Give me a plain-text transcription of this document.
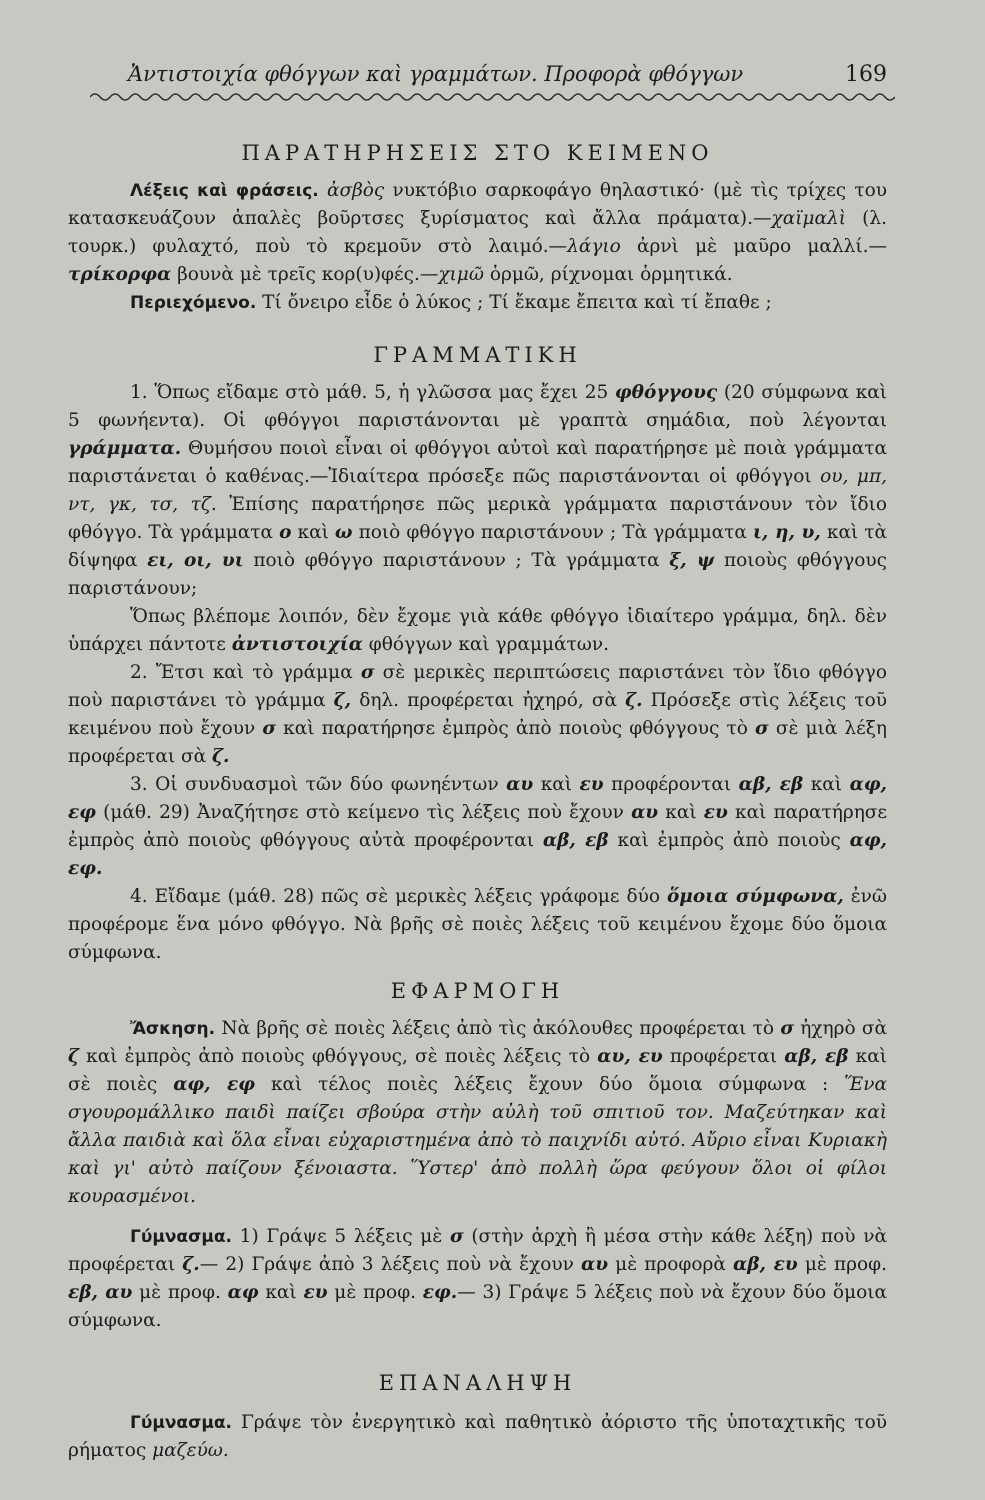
Ἀντιστοιχία φθόγγων καὶ γραμμάτων. Προφορὰ φθόγγων	169
ΠΑΡΑΤΗΡΗΣΕΙΣ ΣΤΟ ΚΕΙΜΕΝΟ

Λέξεις καὶ φράσεις. ἀσβὸς νυκτόβιο σαρκοφάγο θηλαστικό· (μὲ τὶς τρίχες του κατασκευάζουν ἁπαλὲς βοῦρτσες ξυρίσματος καὶ ἄλλα πράματα).—χαϊμαλὶ (λ. τουρκ.) φυλαχτό, ποὺ τὸ κρεμοῦν στὸ λαιμό.—λάγιο ἀρνὶ μὲ μαῦρο μαλλί.— τρίκορφα βουνὰ μὲ τρεῖς κορ(υ)φές.—χιμῶ ὁρμῶ, ρίχνομαι ὁρμητικά.

Περιεχόμενο. Τί ὄνειρο εἶδε ὁ λύκος ; Τί ἔκαμε ἔπειτα καὶ τί ἔπαθε ;

ΓΡΑΜΜΑΤΙΚΗ

1. Ὅπως εἴδαμε στὸ μάθ. 5, ἡ γλῶσσα μας ἔχει 25 φθόγγους (20 σύμφωνα καὶ 5 φωνήεντα). Οἱ φθόγγοι παριστάνονται μὲ γραπτὰ σημάδια, ποὺ λέγονται γράμματα. Θυμήσου ποιοὶ εἶναι οἱ φθόγγοι αὐτοὶ καὶ παρατήρησε μὲ ποιὰ γράμματα παριστάνεται ὁ καθένας.—Ἰδιαίτερα πρόσεξε πῶς παριστάνονται οἱ φθόγγοι ου, μπ, ντ, γκ, τσ, τζ. Ἐπίσης παρατήρησε πῶς μερικὰ γράμματα παριστάνουν τὸν ἴδιο φθόγγο. Τὰ γράμματα ο καὶ ω ποιὸ φθόγγο παριστάνουν ; Τὰ γράμματα ι, η, υ, καὶ τὰ δίψηφα ει, οι, υι ποιὸ φθόγγο παριστάνουν ; Τὰ γράμματα ξ, ψ ποιοὺς φθόγγους παριστάνουν;

Ὅπως βλέπομε λοιπόν, δὲν ἔχομε γιὰ κάθε φθόγγο ἰδιαίτερο γράμμα, δηλ. δὲν ὑπάρχει πάντοτε ἀντιστοιχία φθόγγων καὶ γραμμάτων.

2. Ἔτσι καὶ τὸ γράμμα σ σὲ μερικὲς περιπτώσεις παριστάνει τὸν ἴδιο φθόγγο ποὺ παριστάνει τὸ γράμμα ζ, δηλ. προφέρεται ἠχηρό, σὰ ζ. Πρόσεξε στὶς λέξεις τοῦ κειμένου ποὺ ἔχουν σ καὶ παρατήρησε ἐμπρὸς ἀπὸ ποιοὺς φθόγγους τὸ σ σὲ μιὰ λέξη προφέρεται σὰ ζ.

3. Οἱ συνδυασμοὶ τῶν δύο φωνηέντων αυ καὶ ευ προφέρονται αβ, εβ καὶ αφ, εφ (μάθ. 29) Ἀναζήτησε στὸ κείμενο τὶς λέξεις ποὺ ἔχουν αυ καὶ ευ καὶ παρατήρησε ἐμπρὸς ἀπὸ ποιοὺς φθόγγους αὐτὰ προφέρονται αβ, εβ καὶ ἐμπρὸς ἀπὸ ποιοὺς αφ, εφ.

4. Εἴδαμε (μάθ. 28) πῶς σὲ μερικὲς λέξεις γράφομε δύο ὅμοια σύμφωνα, ἐνῶ προφέρομε ἕνα μόνο φθόγγο. Νὰ βρῆς σὲ ποιὲς λέξεις τοῦ κειμένου ἔχομε δύο ὅμοια σύμφωνα.

ΕΦΑΡΜΟΓΗ

Ἄσκηση. Νὰ βρῆς σὲ ποιὲς λέξεις ἀπὸ τὶς ἀκόλουθες προφέρεται τὸ σ ἠχηρὸ σὰ ζ καὶ ἐμπρὸς ἀπὸ ποιοὺς φθόγγους, σὲ ποιὲς λέξεις τὸ αυ, ευ προφέρεται αβ, εβ καὶ σὲ ποιὲς αφ, εφ καὶ τέλος ποιὲς λέξεις ἔχουν δύο ὅμοια σύμφωνα : Ἕνα σγουρομάλλικο παιδὶ παίζει σβούρα στὴν αὐλὴ τοῦ σπιτιοῦ τον. Μαζεύτηκαν καὶ ἄλλα παιδιὰ καὶ ὅλα εἶναι εὐχαριστημένα ἀπὸ τὸ παιχνίδι αὐτό. Αὔριο εἶναι Κυριακὴ καὶ γι' αὐτὸ παίζουν ξένοιαστα. Ὕστερ' ἀπὸ πολλὴ ὥρα φεύγουν ὅλοι οἱ φίλοι κουρασμένοι.

Γύμνασμα. 1) Γράψε 5 λέξεις μὲ σ (στὴν ἀρχὴ ἢ μέσα στὴν κάθε λέξη) ποὺ νὰ προφέρεται ζ.— 2) Γράψε ἀπὸ 3 λέξεις ποὺ νὰ ἔχουν αυ μὲ προφορὰ αβ, ευ μὲ προφ. εβ, αυ μὲ προφ. αφ καὶ ευ μὲ προφ. εφ.— 3) Γράψε 5 λέξεις ποὺ νὰ ἔχουν δύο ὅμοια σύμφωνα.

ΕΠΑΝΑΛΗΨΗ

Γύμνασμα. Γράψε τὸν ἐνεργητικὸ καὶ παθητικὸ ἀόριστο τῆς ὑποταχτικῆς τοῦ ρήματος μαζεύω.
